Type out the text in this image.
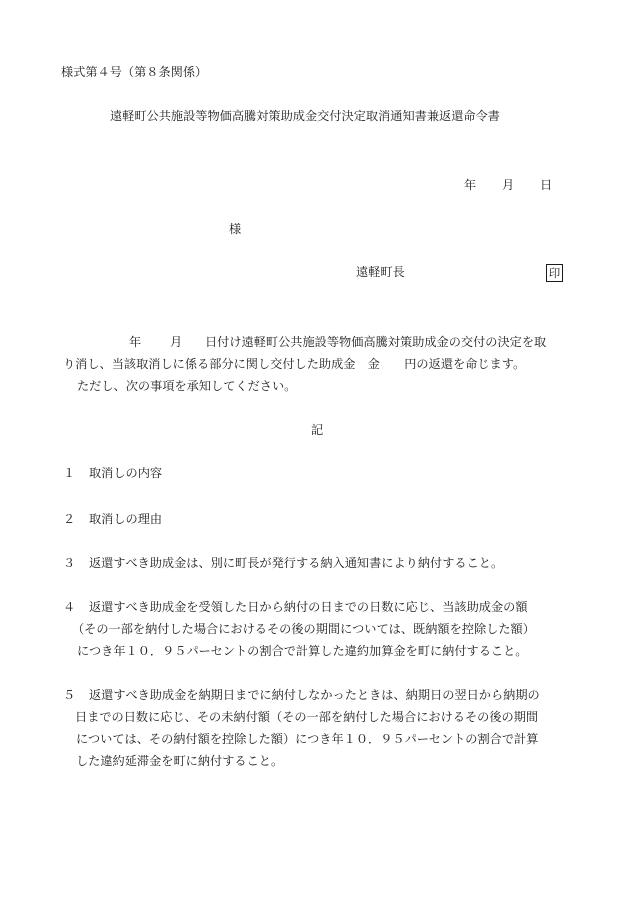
様式第４号（第８条関係）
遠軽町公共施設等物価高騰対策助成金交付決定取消通知書兼返還命令書
年 月 日
様
遠軽町長	印
年 月 日付け遠軽町公共施設等物価高騰対策助成金の交付の決定を取
り消し、当該取消しに係る部分に関し交付した助成金　金　　円の返還を命じます。
ただし、次の事項を承知してください。
記
１ 取消しの内容
２ 取消しの理由
３ 返還すべき助成金は、別に町長が発行する納入通知書により納付すること。
４ 返還すべき助成金を受領した日から納付の日までの日数に応じ、当該助成金の額
（その一部を納付した場合におけるその後の期間については、既納額を控除した額）
につき年１０．９５パーセントの割合で計算した違約加算金を町に納付すること。
５ 返還すべき助成金を納期日までに納付しなかったときは、納期日の翌日から納期の
日までの日数に応じ、その未納付額（その一部を納付した場合におけるその後の期間
については、その納付額を控除した額）につき年１０．９５パーセントの割合で計算
した違約延滞金を町に納付すること。
